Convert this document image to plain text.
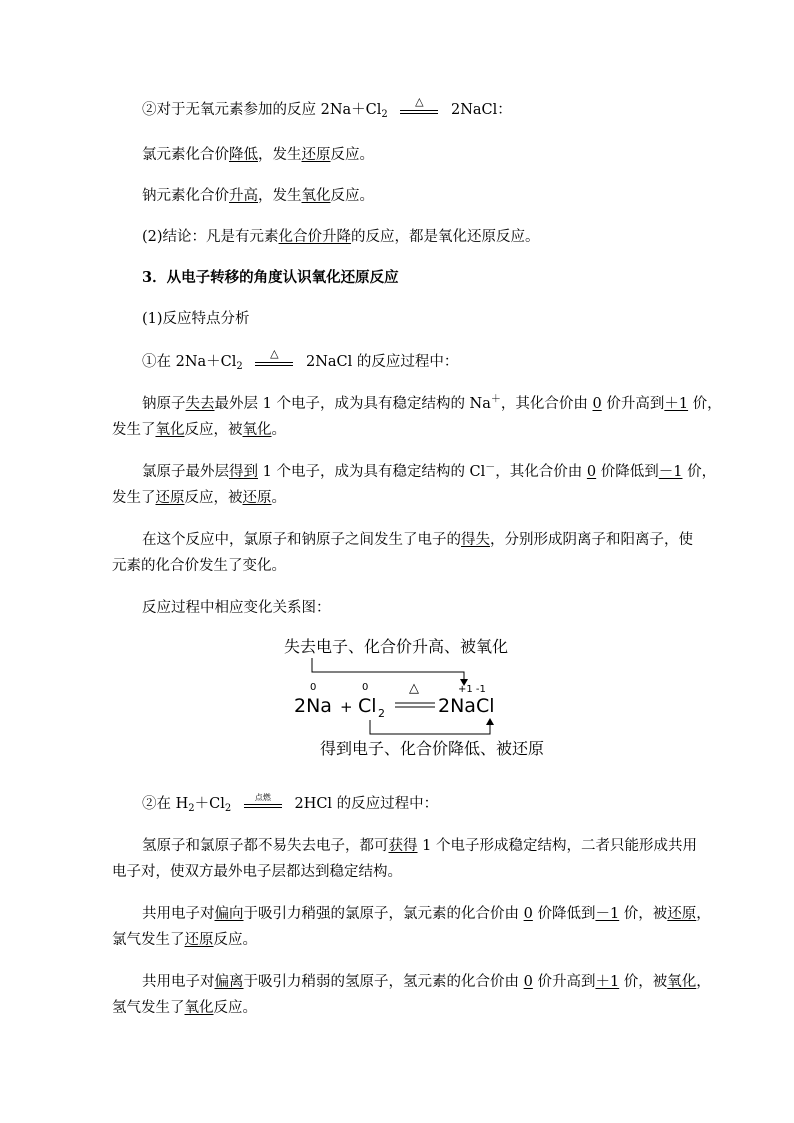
②对于无氧元素参加的反应 $2Na+Cl_2$
△
2NaCl：
氯元素化合价降低，发生还原反应。
钠元素化合价升高，发生氧化反应。
(2)结论：凡是有元素化合价升降的反应，都是氧化还原反应。
3．从电子转移的角度认识氧化还原反应
(1)反应特点分析
①在 $2Na+Cl_2$
△
2NaCl 的反应过程中：
钠原子失去最外层 1 个电子，成为具有稳定结构的 Na＋，其化合价由 0 价升高到＋1 价，
发生了氧化反应，被氧化。
氯原子最外层得到 1 个电子，成为具有稳定结构的 Cl－，其化合价由 0 价降低到－1 价，
发生了还原反应，被还原。
在这个反应中，氯原子和钠原子之间发生了电子的得失，分别形成阴离子和阳离子，使
元素的化合价发生了变化。
反应过程中相应变化关系图：
失去电子、化合价升高、被氧化
0	0	△	+1 -1
2Na + Cl 2	2NaCl
得到电子、化合价降低、被还原
②在 $H_2+Cl_2$
点燃	2HCl 的反应过程中：
氢原子和氯原子都不易失去电子，都可获得 1 个电子形成稳定结构，二者只能形成共用
电子对，使双方最外电子层都达到稳定结构。
共用电子对偏向于吸引力稍强的氯原子，氯元素的化合价由 0 价降低到－1 价，被还原，
氯气发生了还原反应。
共用电子对偏离于吸引力稍弱的氢原子，氢元素的化合价由 0 价升高到＋1 价，被氧化，
氢气发生了氧化反应。
